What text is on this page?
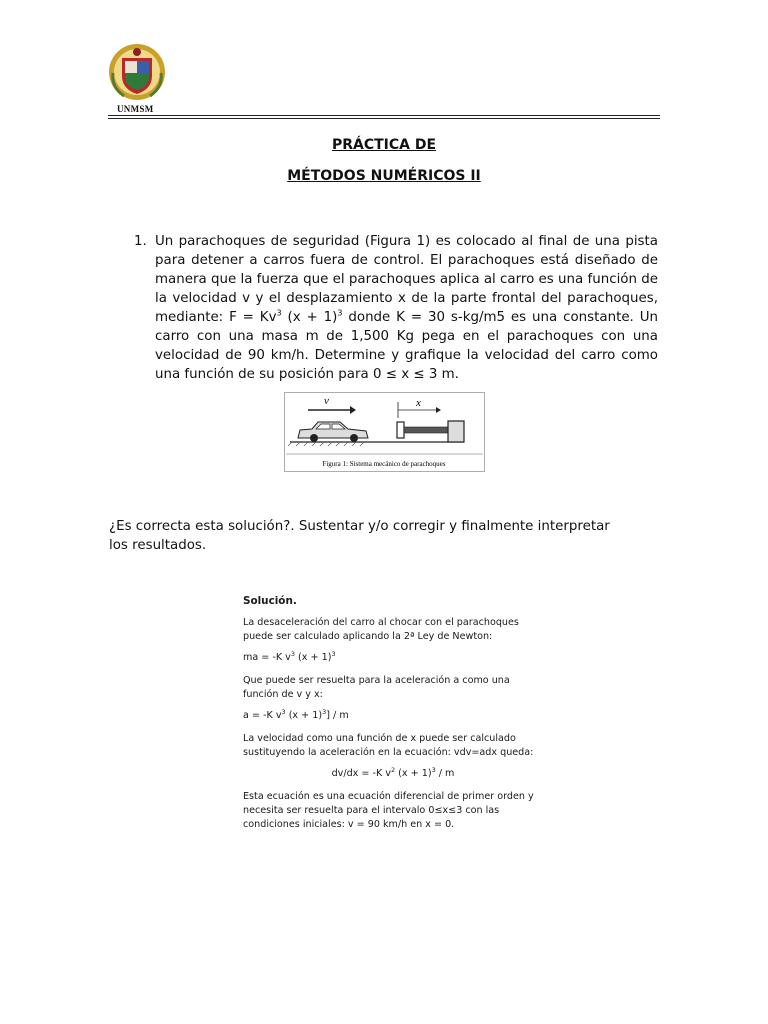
UNMSM
PRÁCTICA DE
MÉTODOS NUMÉRICOS II
1. Un parachoques de seguridad (Figura 1) es colocado al final de una pista para detener a carros fuera de control. El parachoques está diseñado de manera que la fuerza que el parachoques aplica al carro es una función de la velocidad v y el desplazamiento x de la parte frontal del parachoques, mediante: $F = Kv^3$ $(x + 1)^3$ donde K = 30 s-kg/m5 es una constante. Un carro con una masa m de 1,500 Kg pega en el parachoques con una velocidad de 90 km/h. Determine y grafique la velocidad del carro como una función de su posición para 0 ≤ x ≤ 3 m.

v	x
Figura 1: Sistema mecánico de parachoques

¿Es correcta esta solución?. Sustentar y/o corregir y finalmente interpretar los resultados.

Solución.

La desaceleración del carro al chocar con el parachoques puede ser calculado aplicando la 2ª Ley de Newton:

ma = -K $v^3$ $(x + 1)^3$

Que puede ser resuelta para la aceleración a como una función de v y x:

a = -K $v^3$ $(x + 1)^3] / m$

La velocidad como una función de x puede ser calculado sustituyendo la aceleración en la ecuación: vdv=adx queda:

dv/dx = -K $v^2$ $(x + 1)^3 / m$

Esta ecuación es una ecuación diferencial de primer orden y necesita ser resuelta para el intervalo 0≤x≤3 con las condiciones iniciales: v = 90 km/h en x = 0.
